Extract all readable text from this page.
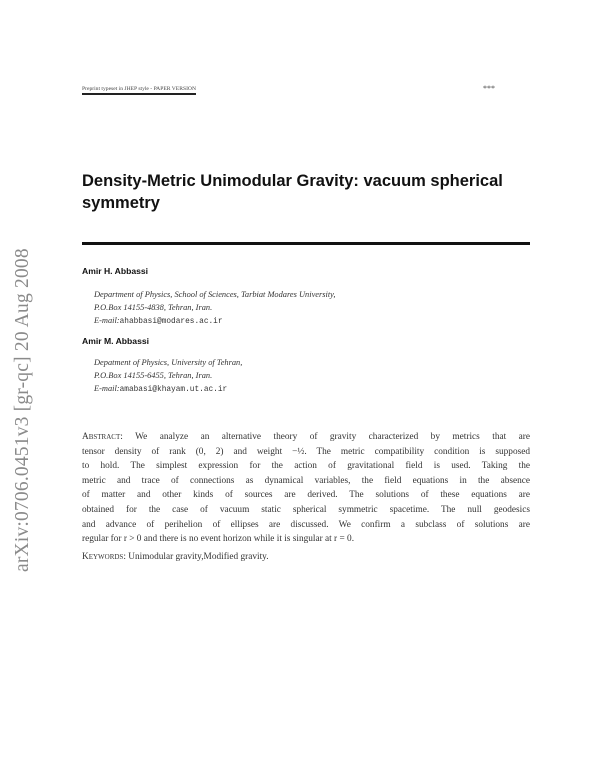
arXiv:0706.0451v3 [gr-qc] 20 Aug 2008
Preprint typeset in JHEP style - PAPER VERSION	***
Density-Metric Unimodular Gravity: vacuum spherical symmetry
Amir H. Abbassi
Department of Physics, School of Sciences, Tarbiat Modares University,
P.O.Box 14155-4838, Tehran, Iran.
E-mail:ahabbasi@modares.ac.ir
Amir M. Abbassi
Depatment of Physics, University of Tehran,
P.O.Box 14155-6455, Tehran, Iran.
E-mail:amabasi@khayam.ut.ac.ir
Abstract: We analyze an alternative theory of gravity characterized by metrics that are
tensor density of rank (0, 2) and weight −½. The metric compatibility condition is supposed
to hold. The simplest expression for the action of gravitational field is used. Taking the
metric and trace of connections as dynamical variables, the field equations in the absence
of matter and other kinds of sources are derived. The solutions of these equations are
obtained for the case of vacuum static spherical symmetric spacetime. The null geodesics
and advance of perihelion of ellipses are discussed. We confirm a subclass of solutions are
regular for r > 0 and there is no event horizon while it is singular at r = 0.
Keywords: Unimodular gravity,Modified gravity.
